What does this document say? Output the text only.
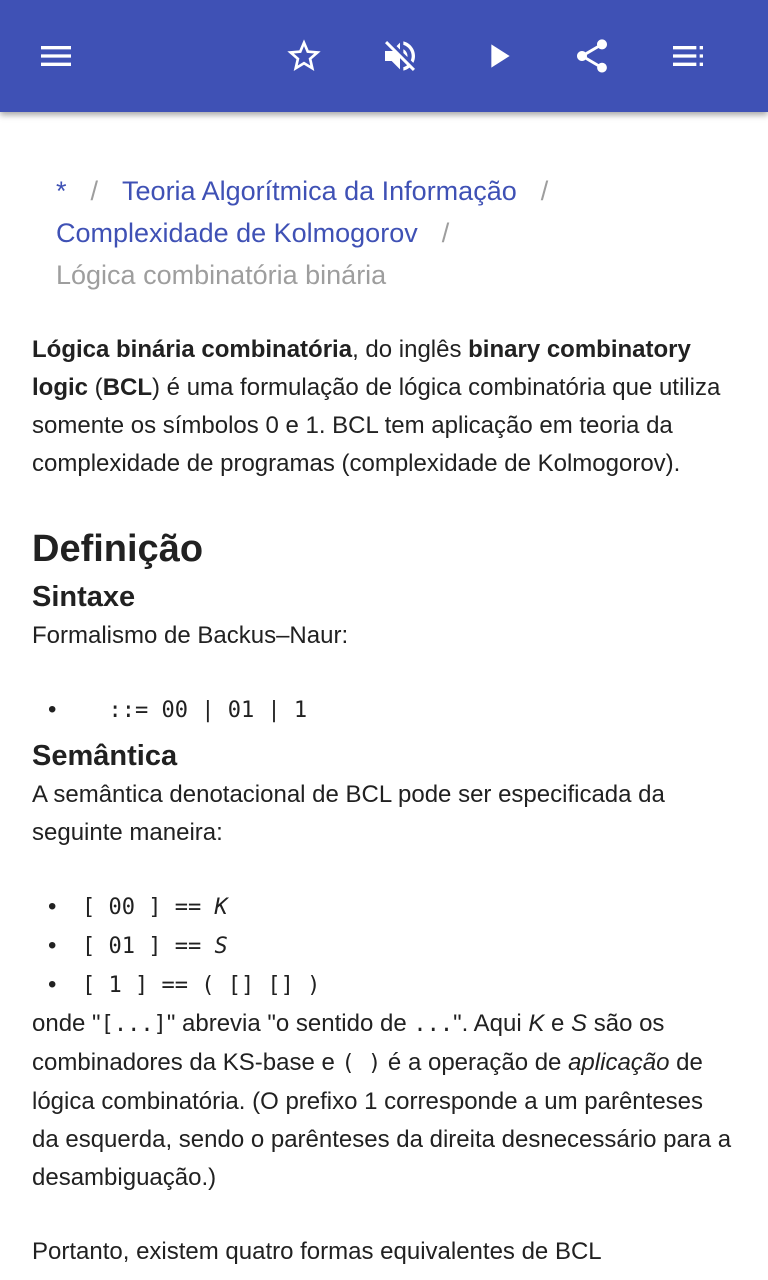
* / Teoria Algorítmica da Informação /
Complexidade de Kolmogorov /
Lógica combinatória binária

Lógica binária combinatória, do inglês binary combinatory logic (BCL) é uma formulação de lógica combinatória que utiliza somente os símbolos 0 e 1. BCL tem aplicação em teoria da complexidade de programas (complexidade de Kolmogorov).

Definição
Sintaxe

Formalismo de Backus–Naur:

•   ::= 00 | 01 | 1
Semântica

A semântica denotacional de BCL pode ser especificada da seguinte maneira:

• [ 00 ] == K
• [ 01 ] == S
• [ 1 ] == ( [] [] )

onde "[...]" abrevia "o sentido de ...". Aqui K e S são os combinadores da KS-base e ( ) é a operação de aplicação de lógica combinatória. (O prefixo 1 corresponde a um parênteses da esquerda, sendo o parênteses da direita desnecessário para a desambiguação.)

Portanto, existem quatro formas equivalentes de BCL
